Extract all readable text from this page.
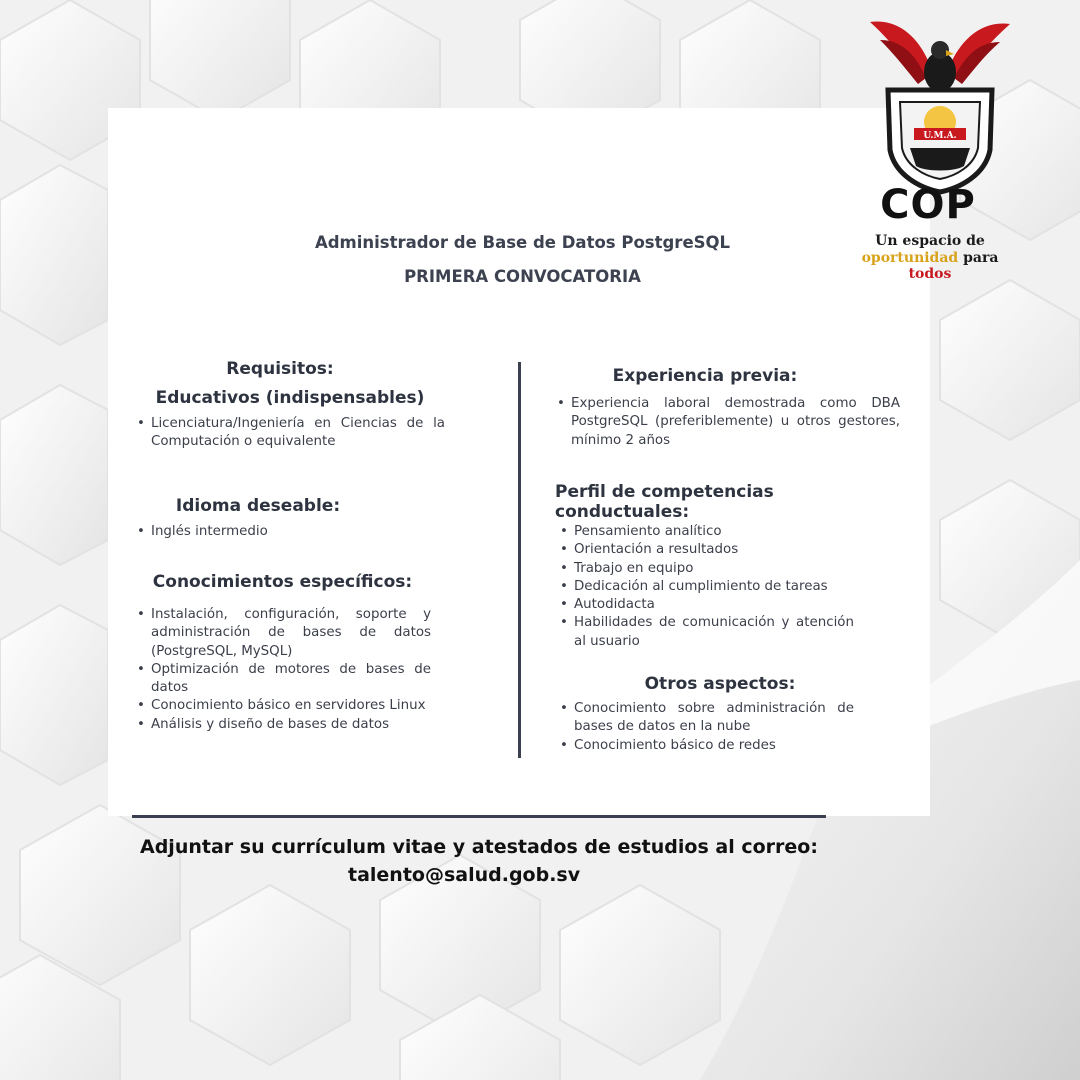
U.M.A.
COP
Un espacio de
oportunidad para todos
Administrador de Base de Datos PostgreSQL
PRIMERA CONVOCATORIA
Requisitos:
Educativos (indispensables)
• Licenciatura/Ingeniería en Ciencias de la Computación o equivalente
Idioma deseable:
• Inglés intermedio
Conocimientos específicos:
• Instalación, configuración, soporte y administración de bases de datos (PostgreSQL, MySQL)
• Optimización de motores de bases de datos
• Conocimiento básico en servidores Linux
• Análisis y diseño de bases de datos
Experiencia previa:
• Experiencia laboral demostrada como DBA PostgreSQL (preferiblemente) u otros gestores, mínimo 2 años
Perfil de competencias conductuales:
• Pensamiento analítico
• Orientación a resultados
• Trabajo en equipo
• Dedicación al cumplimiento de tareas
• Autodidacta
• Habilidades de comunicación y atención al usuario
Otros aspectos:
• Conocimiento sobre administración de bases de datos en la nube
• Conocimiento básico de redes
Adjuntar su currículum vitae y atestados de estudios al correo:
talento@salud.gob.sv
